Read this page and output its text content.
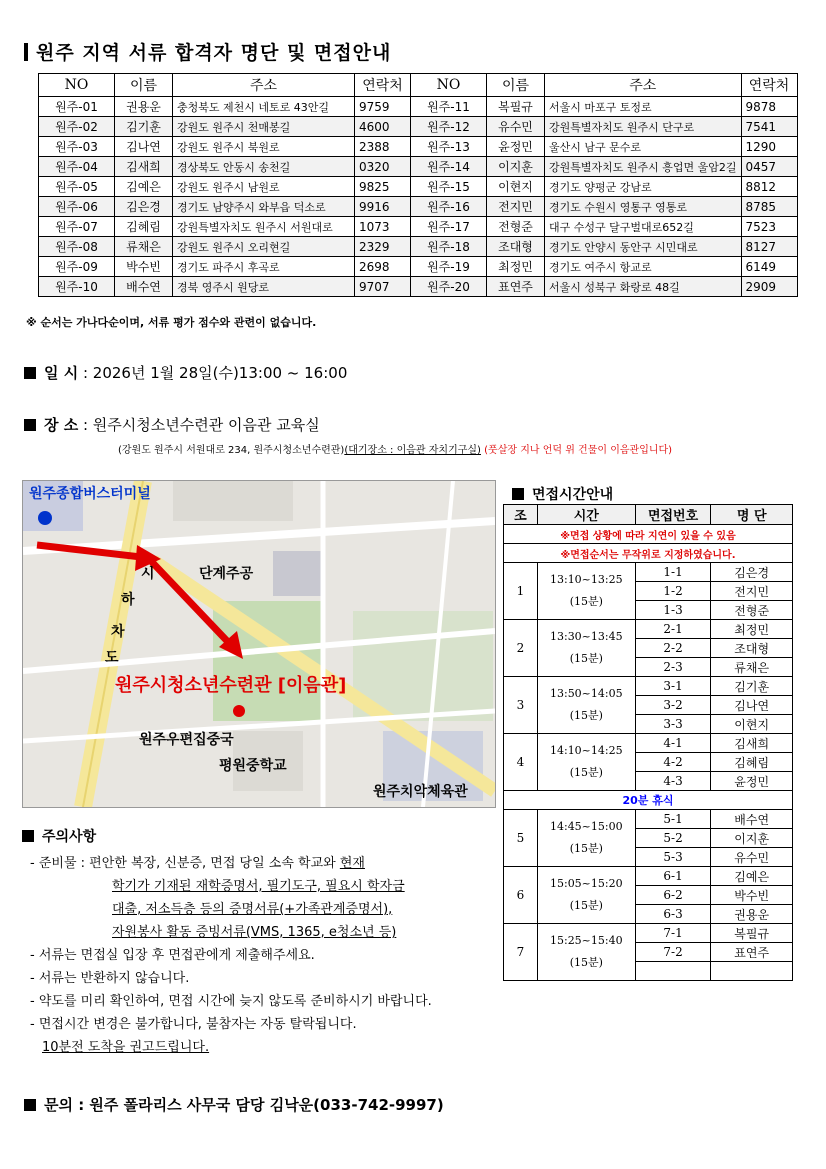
원주 지역 서류 합격자 명단 및 면접안내
NO	이름	주소	연락처	NO	이름	주소	연락처
원주-01	권용운	충청북도 제천시 네토로 43안길	9759	원주-11	복필규	서울시 마포구 토정로	9878
원주-02	김기훈	강원도 원주시 천매봉길	4600	원주-12	유수민	강원특별자치도 원주시 단구로	7541
원주-03	김나연	강원도 원주시 북원로	2388	원주-13	윤정민	울산시 남구 문수로	1290
원주-04	김새희	경상북도 안동시 송천길	0320	원주-14	이지훈	강원특별자치도 원주시 흥업면 울암2길	0457
원주-05	김예은	강원도 원주시 남원로	9825	원주-15	이현지	경기도 양평군 강남로	8812
원주-06	김은경	경기도 남양주시 와부읍 덕소로	9916	원주-16	전지민	경기도 수원시 영통구 영통로	8785
원주-07	김혜림	강원특별자치도 원주시 서원대로	1073	원주-17	전형준	대구 수성구 달구벌대로652길	7523
원주-08	류채은	강원도 원주시 오리현길	2329	원주-18	조대형	경기도 안양시 동안구 시민대로	8127
원주-09	박수빈	경기도 파주시 후곡로	2698	원주-19	최정민	경기도 여주시 항교로	6149
원주-10	배수연	경북 영주시 원당로	9707	원주-20	표연주	서울시 성북구 화랑로 48길	2909
※ 순서는 가나다순이며, 서류 평가 점수와 관련이 없습니다.
일 시 : 2026년 1월 28일(수)13:00 ~ 16:00
장 소 : 원주시청소년수련관 이음관 교육실
(강원도 원주시 서원대로 234, 원주시청소년수련관)(대기장소 : 이음관 자치기구실) (풋살장 지나 언덕 위 건물이 이음관입니다)
원주종합버스터미널
시
하
차
도
단계주공
원주시청소년수련관 [이음관]
원주우편집중국
평원중학교
원주치악체육관
면접시간안내
조	시간	면접번호	명 단
※면접 상황에 따라 지연이 있을 수 있음			
※면접순서는 무작위로 지정하였습니다.			
1	13:10~13:25
(15분)	1-1	김은경
		1-2	전지민
		1-3	전형준
2	13:30~13:45
(15분)	2-1	최정민
		2-2	조대형
		2-3	류채은
3	13:50~14:05
(15분)	3-1	김기훈
		3-2	김나연
		3-3	이현지
4	14:10~14:25
(15분)	4-1	김새희
		4-2	김혜림
		4-3	윤정민
20분 휴식			
5	14:45~15:00
(15분)	5-1	배수연
		5-2	이지훈
		5-3	유수민
6	15:05~15:20
(15분)	6-1	김예은
		6-2	박수빈
		6-3	권용운
7	15:25~15:40
(15분)	7-1	복필규
		7-2	표연주

주의사항
- 준비물 : 편안한 복장, 신분증, 면접 당일 소속 학교와 현재
학기가 기재된 재학증명서, 필기도구, 필요시 학자금
대출, 저소득층 등의 증명서류(+가족관계증명서),
자원봉사 활동 증빙서류(VMS, 1365, e청소년 등)
- 서류는 면접실 입장 후 면접관에게 제출해주세요.
- 서류는 반환하지 않습니다.
- 약도를 미리 확인하여, 면접 시간에 늦지 않도록 준비하시기 바랍니다.
- 면접시간 변경은 불가합니다, 불참자는 자동 탈락됩니다.
10분전 도착을 권고드립니다.
문의 : 원주 폴라리스 사무국 담당 김낙운(033-742-9997)
